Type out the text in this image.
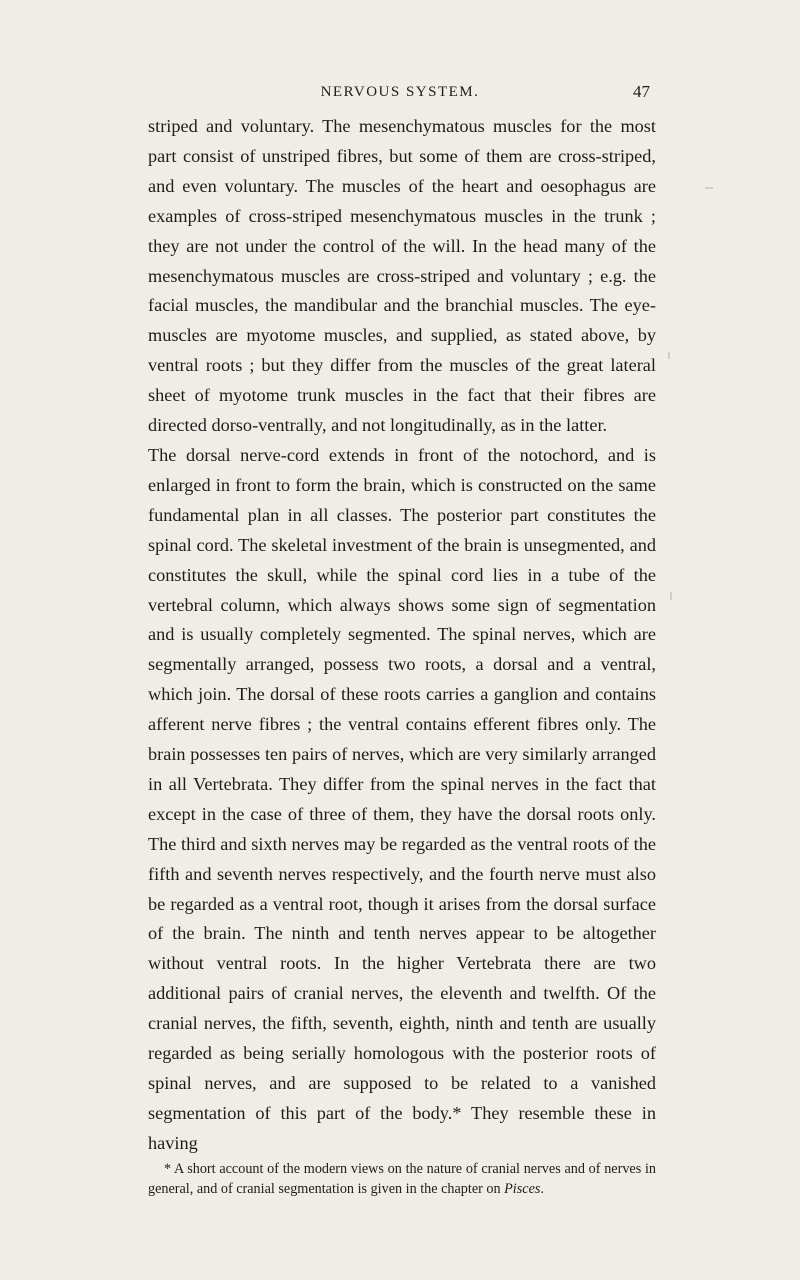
NERVOUS SYSTEM.	47

striped and voluntary. The mesenchymatous muscles for the most part consist of unstriped fibres, but some of them are cross-striped, and even voluntary. The muscles of the heart and oesophagus are examples of cross-striped mesenchymatous muscles in the trunk ; they are not under the control of the will. In the head many of the mesenchymatous muscles are cross-striped and voluntary ; e.g. the facial muscles, the mandibular and the branchial muscles. The eye-muscles are myotome muscles, and supplied, as stated above, by ventral roots ; but they differ from the muscles of the great lateral sheet of myotome trunk muscles in the fact that their fibres are directed dorso-ventrally, and not longitudinally, as in the latter.

The dorsal nerve-cord extends in front of the notochord, and is enlarged in front to form the brain, which is constructed on the same fundamental plan in all classes. The posterior part constitutes the spinal cord. The skeletal investment of the brain is unsegmented, and constitutes the skull, while the spinal cord lies in a tube of the vertebral column, which always shows some sign of segmentation and is usually completely segmented. The spinal nerves, which are segmentally arranged, possess two roots, a dorsal and a ventral, which join. The dorsal of these roots carries a ganglion and contains afferent nerve fibres ; the ventral contains efferent fibres only. The brain possesses ten pairs of nerves, which are very similarly arranged in all Vertebrata. They differ from the spinal nerves in the fact that except in the case of three of them, they have the dorsal roots only. The third and sixth nerves may be regarded as the ventral roots of the fifth and seventh nerves respectively, and the fourth nerve must also be regarded as a ventral root, though it arises from the dorsal surface of the brain. The ninth and tenth nerves appear to be altogether without ventral roots. In the higher Vertebrata there are two additional pairs of cranial nerves, the eleventh and twelfth. Of the cranial nerves, the fifth, seventh, eighth, ninth and tenth are usually regarded as being serially homologous with the posterior roots of spinal nerves, and are supposed to be related to a vanished segmentation of this part of the body.* They resemble these in having

* A short account of the modern views on the nature of cranial nerves and of nerves in general, and of cranial segmentation is given in the chapter on Pisces.
